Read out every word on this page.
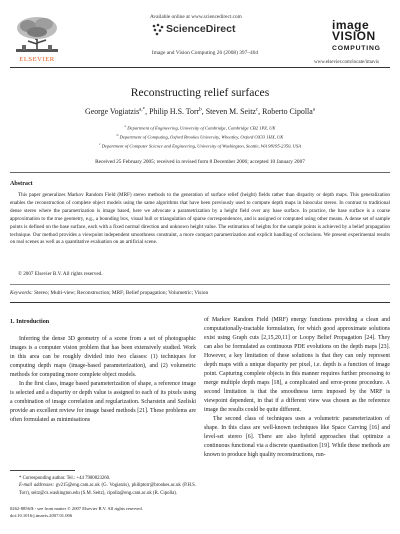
ELSEVIER
Available online at www.sciencedirect.com
ScienceDirect
Image and Vision Computing 26 (2008) 397–404
image
VISION
COMPUTING
www.elsevier.com/locate/imavis
Reconstructing relief surfaces
George Vogiatzis$^{a,*}$, Philip H.S. Torr$^b$, Steven M. Seitz$^c$, Roberto Cipolla$^a$
$^a$ Department of Engineering, University of Cambridge, Cambridge CB2 1PZ, UK
$^b$ Department of Computing, Oxford Brookes University, Wheatley, Oxford OX33 1HX, UK
$^c$ Department of Computer Science and Engineering, University of Washington, Seattle, WA 98195-2350, USA
Received 25 February 2005; received in revised form 8 December 2006; accepted 10 January 2007
Abstract
This paper generalizes Markov Random Field (MRF) stereo methods to the generation of surface relief (height) fields rather than disparity or depth maps. This generalization enables the reconstruction of complete object models using the same algorithms that have been previously used to compute depth maps in binocular stereo. In contrast to traditional dense stereo where the parametrization is image based, here we advocate a parametrization by a height field over any base surface. In practice, the base surface is a coarse approximation to the true geometry, e.g., a bounding box, visual hull or triangulation of sparse correspondences, and is assigned or computed using other means. A dense set of sample points is defined on the base surface, each with a fixed normal direction and unknown height value. The estimation of heights for the sample points is achieved by a belief propagation technique. Our method provides a viewpoint independent smoothness constraint, a more compact parametrization and explicit handling of occlusions. We present experimental results on real scenes as well as a quantitative evaluation on an artificial scene.
© 2007 Elsevier B.V. All rights reserved.
Keywords: Stereo; Multi-view; Reconstruction; MRF; Belief propagation; Volumetric; Vision
1. Introduction

Inferring the dense 3D geometry of a scene from a set of photographic images is a computer vision problem that has been extensively studied. Work in this area can be roughly divided into two classes: (1) techniques for computing depth maps (image-based parameterization), and (2) volumetric methods for computing more complete object models.

In the first class, image based parameterization of shape, a reference image is selected and a disparity or depth value is assigned to each of its pixels using a combination of image correlation and regularization. Scharstein and Szeliski provide an excellent review for image based methods [21]. These problems are often formulated as minimisations

of Markov Random Field (MRF) energy functions providing a clean and computationally-tractable formulation, for which good approximate solutions exist using Graph cuts [2,15,20,11] or Loopy Belief Propagation [24]. They can also be formulated as continuous PDE evolutions on the depth maps [23]. However, a key limitation of these solutions is that they can only represent depth maps with a unique disparity per pixel, i.e. depth is a function of image point. Capturing complete objects in this manner requires further processing to merge multiple depth maps [18], a complicated and error-prone procedure. A second limitation is that the smoothness term imposed by the MRF is viewpoint dependent, in that if a different view was chosen as the reference image the results could be quite different.

The second class of techniques uses a volumetric parameterization of shape. In this class are well-known techniques like Space Carving [16] and level-set stereo [6]. There are also hybrid approaches that optimize a continuous functional via a discrete quantisation [19]. While these methods are known to produce high quality reconstructions, run-

* Corresponding author. Tel.: +44 7900823260.
E-mail addresses: gv215@eng.cam.ac.uk (G. Vogiatzis), philiptorr@brookes.ac.uk (P.H.S. Torr), seitz@cs.washington.edu (S.M. Seitz), cipolla@eng.cam.ac.uk (R. Cipolla).
0262-8856/$ - see front matter © 2007 Elsevier B.V. All rights reserved.
doi:10.1016/j.imavis.2007.01.006
